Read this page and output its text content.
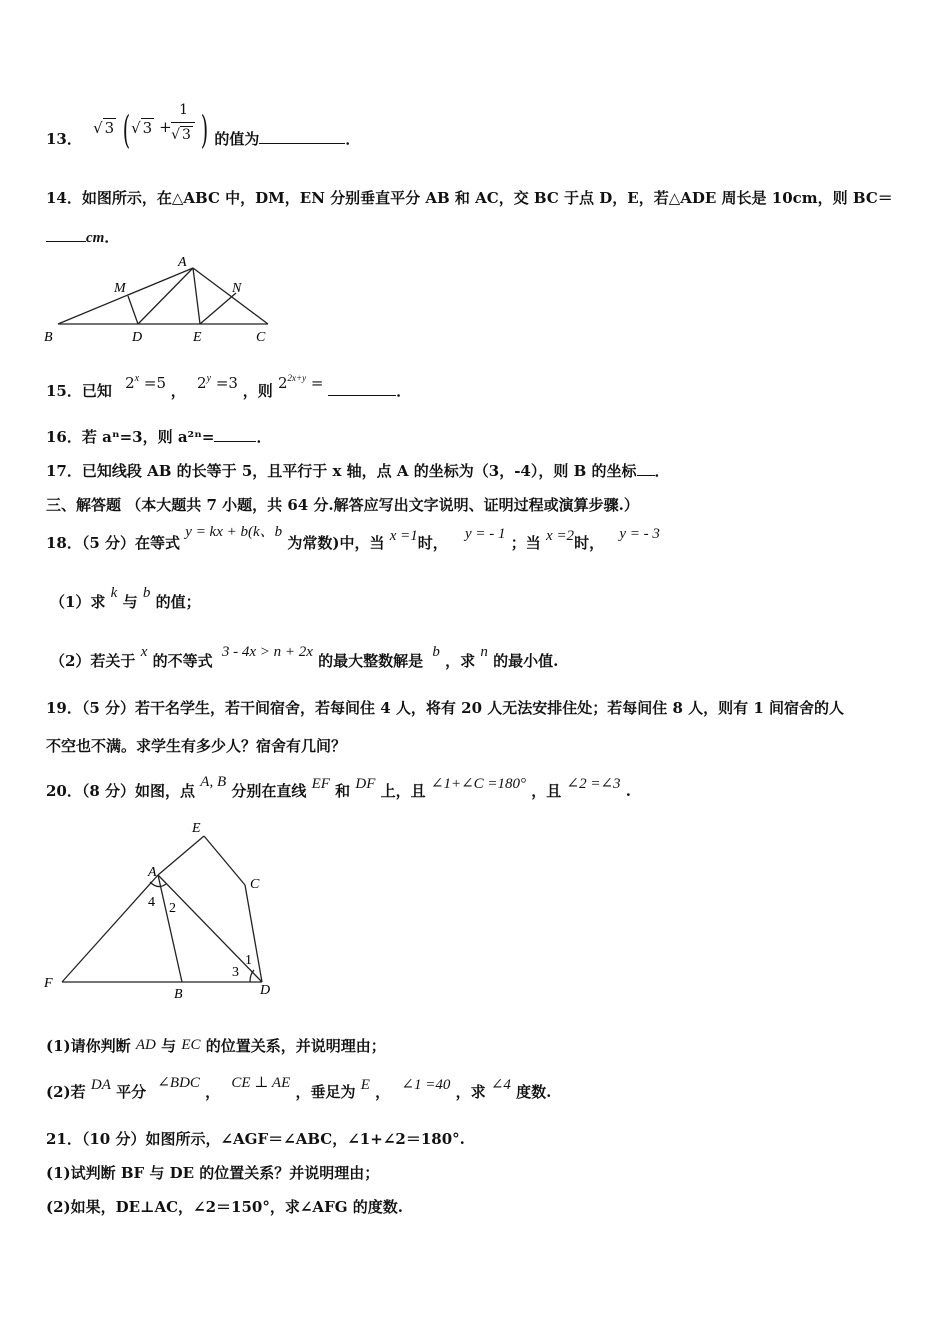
13．
√ 3 ( √ 3 +
1
√ 3 ) 的值为	．
14．如图所示，在△ABC 中，DM，EN 分别垂直平分 AB 和 AC，交 BC 于点 D，E，若△ADE 周长是 10cm，则 BC＝
cm．
A
M	N
B	D	E	C
15．已知 $2^x =5$ ， $2^y =3$ ，则 $2^{2x+y}$ =	．
16．若 aⁿ=3，则 a²ⁿ=	．
17．已知线段 AB 的长等于 5，且平行于 x 轴，点 A 的坐标为（3，-4），则 B 的坐标 ．
三、解答题 （本大题共 7 小题，共 64 分.解答应写出文字说明、证明过程或演算步骤.）
18．（5 分）在等式 y = kx + b(k、b 为常数)中，当 x =1时， y = - 1 ；当 x =2时， y = - 3
（1）求 k 与 b 的值；
（2）若关于 x 的不等式 3 - 4x > n + 2x 的最大整数解是 b ，求 n 的最小值.
19．（5 分）若干名学生，若干间宿舍，若每间住 4 人，将有 20 人无法安排住处；若每间住 8 人，则有 1 间宿舍的人
不空也不满。求学生有多少人？宿舍有几间？
20．（8 分）如图，点 A, B 分别在直线 EF 和 DF 上，且 ∠1+∠C =180° ，且 ∠2 =∠3 .
E
A
C
4 2
1
3
F
B	D
(1)请你判断 AD 与 EC 的位置关系，并说明理由；
(2)若 DA 平分 ∠BDC ， CE ⊥ AE ，垂足为 E ， ∠1 =40 ，求 ∠4 度数.
21．（10 分）如图所示，∠AGF＝∠ABC，∠1+∠2＝180°.
(1)试判断 BF 与 DE 的位置关系？并说明理由；
(2)如果，DE⊥AC，∠2＝150°，求∠AFG 的度数.
